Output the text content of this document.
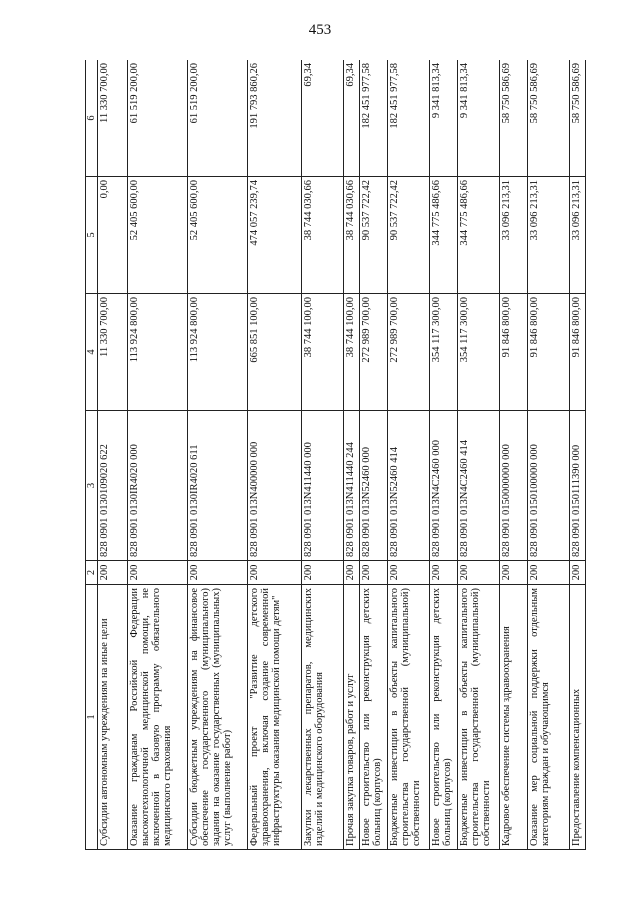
453
1	2	3	4	5	6
Субсидии автономным учреждениям на иные цели	200	828 0901 0130109020 622	11 330 700,00	0,00	11 330 700,00
Оказание гражданам Российской Федерации высокотехнологичной медицинской помощи, не включенной в базовую программу обязательного медицинского страхования	200	828 0901 0130IR4020 000	113 924 800,00	52 405 600,00	61 519 200,00
Субсидии бюджетным учреждениям на финансовое обеспечение государственного (муниципального) задания на оказание государственных (муниципальных) услуг (выполнение работ)	200	828 0901 0130IR4020 611	113 924 800,00	52 405 600,00	61 519 200,00
Федеральный проект "Развитие детского здравоохранения, включая создание современной инфраструктуры оказания медицинской помощи детям"	200	828 0901 013N400000 000	665 851 100,00	474 057 239,74	191 793 860,26
Закупки лекарственных препаратов, медицинских изделий и медицинского оборудования	200	828 0901 013N411440 000	38 744 100,00	38 744 030,66	69,34
Прочая закупка товаров, работ и услуг	200	828 0901 013N411440 244	38 744 100,00	38 744 030,66	69,34
Новое строительство или реконструкция детских больниц (корпусов)	200	828 0901 013N52460 000	272 989 700,00	90 537 722,42	182 451 977,58
Бюджетные инвестиции в объекты капитального строительства государственной (муниципальной) собственности	200	828 0901 013N52460 414	272 989 700,00	90 537 722,42	182 451 977,58
Новое строительство или реконструкция детских больниц (корпусов)	200	828 0901 013N4C2460 000	354 117 300,00	344 775 486,66	9 341 813,34
Бюджетные инвестиции в объекты капитального строительства государственной (муниципальной) собственности	200	828 0901 013N4C2460 414	354 117 300,00	344 775 486,66	9 341 813,34
Кадровое обеспечение системы здравоохранения	200	828 0901 0150000000 000	91 846 800,00	33 096 213,31	58 750 586,69
Оказание мер социальной поддержки отдельным категориям граждан и обучающимся	200	828 0901 0150100000 000	91 846 800,00	33 096 213,31	58 750 586,69
Предоставление компенсационных	200	828 0901 0150111390 000	91 846 800,00	33 096 213,31	58 750 586,69
